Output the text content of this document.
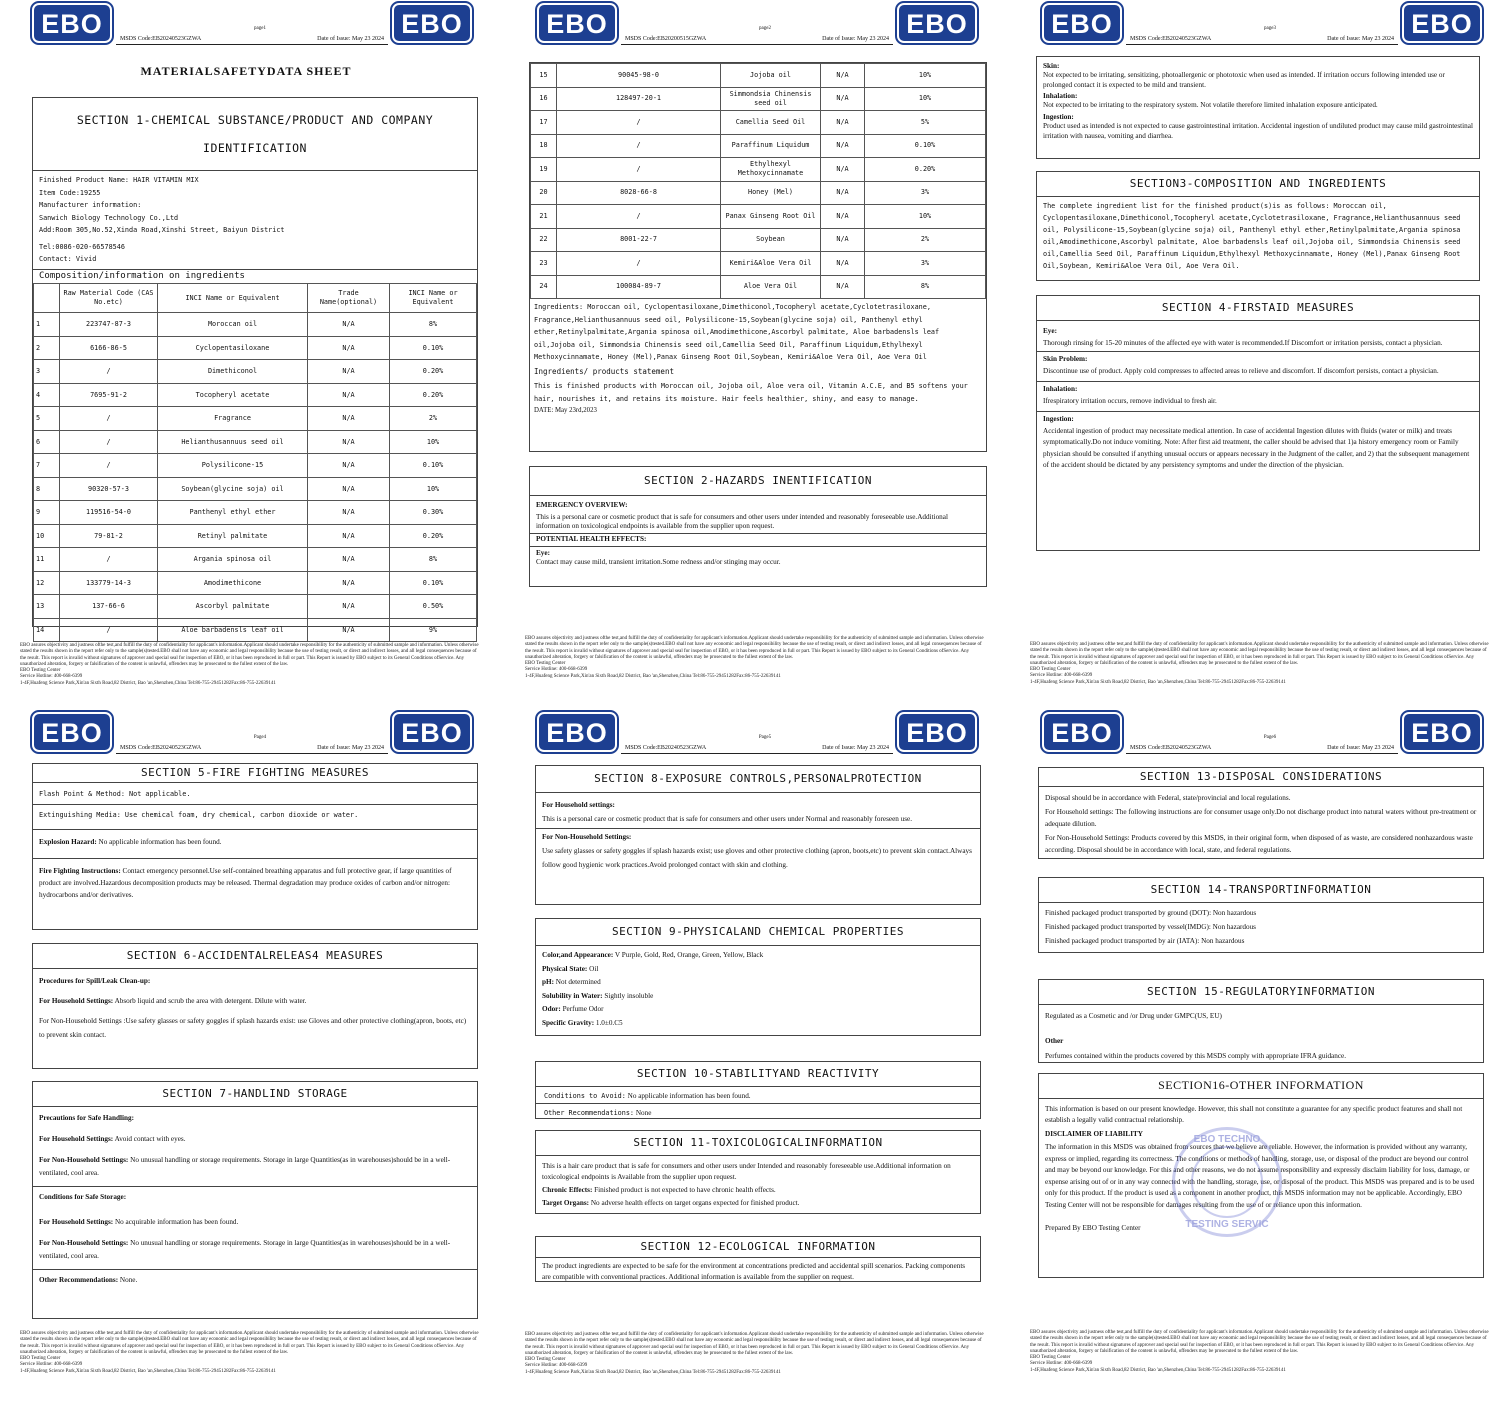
EBO	EBO
page1
MSDS Code:EB20240523GZWA	Date of Issue: May 23 2024
MATERIALSAFETYDATA SHEET
SECTION 1-CHEMICAL SUBSTANCE/PRODUCT AND COMPANY IDENTIFICATION
Finished Product Name: HAIR VITAMIN MIX
Item Code:19255
Manufacturer information:
Sanwich Biology Technology Co.,Ltd
Add:Room 305,No.52,Xinda Road,Xinshi Street, Baiyun District
Tel:0086-020-66578546
Contact: Vivid
Composition/information on ingredients
	Raw Material Code (CAS No.etc)	INCI Name or Equivalent	Trade Name(optional)	INCI Name or Equivalent
1	223747-87-3	Moroccan oil	N/A	8%
2	6166-86-5	Cyclopentasiloxane	N/A	0.10%
3	/	Dimethiconol	N/A	0.20%
4	7695-91-2	Tocopheryl acetate	N/A	0.20%
5	/	Fragrance	N/A	2%
6	/	Helianthusannuus seed oil	N/A	10%
7	/	Polysilicone-15	N/A	0.10%
8	90320-57-3	Soybean(glycine soja) oil	N/A	10%
9	119516-54-0	Panthenyl ethyl ether	N/A	0.30%
10	79-81-2	Retinyl palmitate	N/A	0.20%
11	/	Argania spinosa oil	N/A	8%
12	133779-14-3	Amodimethicone	N/A	0.10%
13	137-66-6	Ascorbyl palmitate	N/A	0.50%
14	/	Aloe barbadensls leaf oil	N/A	9%
EBO assures objectivity and justness ofthe test,and fulfill the duty of confidentiality for applicant's information.Applicant should undertake responsibility for the authenticity of submitted sample and information. Unless otherwise stated the results shown in the report refer only to the sample(s)tested.EBO shall not have any economic and legal responsibility because the use of testing result, or direct and indirect losses, and all legal consequences because of the result. This report is invalid without signatures of approver and special seal for inspection of EBO, or it has been reproduced in full or part. This Report is issued by EBO subject to its General Conditions ofService. Any unauthorized alteration, forgery or falsification of the content is unlawful, offenders may be prosecuted to the fullest extent of the law.
EBO Testing Center
Service Hotline: 400-668-6399
1-4F,Huafeng Science Park,Xin'an Sixth Road,82 District, Bao 'an,Shenzhen,China Tel:86-755-29451282Fax:86-755-22639141
EBO	EBO
page2
MSDS Code:EB20200515GZWA	Date of Issue: May 23 2024
15	90045-98-0	Jojoba oil	N/A	10%
16	128497-20-1	Simmondsia Chinensis seed oil	N/A	10%
17	/	Camellia Seed Oil	N/A	5%
18	/	Paraffinum Liquidum	N/A	0.10%
19	/	Ethylhexyl Methoxycinnamate	N/A	0.20%
20	8028-66-8	Honey (Mel)	N/A	3%
21	/	Panax Ginseng Root Oil	N/A	10%
22	8001-22-7	Soybean	N/A	2%
23	/	Kemiri&Aloe Vera Oil	N/A	3%
24	100084-89-7	Aloe Vera Oil	N/A	8%
Ingredients: Moroccan oil, Cyclopentasiloxane,Dimethiconol,Tocopheryl acetate,Cyclotetrasiloxane, Fragrance,Helianthusannuus seed oil, Polysilicone-15,Soybean(glycine soja) oil, Panthenyl ethyl ether,Retinylpalmitate,Argania spinosa oil,Amodimethicone,Ascorbyl palmitate, Aloe barbadensls leaf oil,Jojoba oil, Simmondsia Chinensis seed oil,Camellia Seed Oil, Paraffinum Liquidum,Ethylhexyl Methoxycinnamate, Honey (Mel),Panax Ginseng Root Oil,Soybean, Kemiri&Aloe Vera Oil, Aoe Vera Oil
Ingredients/ products statement
This is finished products with Moroccan oil, Jojoba oil, Aloe vera oil, Vitamin A.C.E, and B5 softens your hair, nourishes it, and retains its moisture. Hair feels healthier, shiny, and easy to manage.
DATE: May 23rd,2023
SECTION 2-HAZARDS INENTIFICATION

EMERGENCY OVERVIEW:

This is a personal care or cosmetic product that is safe for consumers and other users under intended and reasonably foreseeable use.Additional information on toxicological endpoints is available from the supplier upon request.

POTENTIAL HEALTH EFFECTS:

Eye:
Contact may cause mild, transient irritation.Some redness and/or stinging may occur.

EBO assures objectivity and justness ofthe test,and fulfill the duty of confidentiality for applicant's information.Applicant should undertake responsibility for the authenticity of submitted sample and information. Unless otherwise stated the results shown in the report refer only to the sample(s)tested.EBO shall not have any economic and legal responsibility because the use of testing result, or direct and indirect losses, and all legal consequences because of the result. This report is invalid without signatures of approver and special seal for inspection of EBO, or it has been reproduced in full or part. This Report is issued by EBO subject to its General Conditions ofService. Any unauthorized alteration, forgery or falsification of the content is unlawful, offenders may be prosecuted to the fullest extent of the law.
EBO Testing Center
Service Hotline: 400-668-6399
1-4F,Huafeng Science Park,Xin'an Sixth Road,82 District, Bao 'an,Shenzhen,China Tel:86-755-29451282Fax:86-755-22639141
EBO	EBO
page3
MSDS Code:EB20240523GZWA	Date of Issue: May 23 2024

Skin:
Not expected to be irritating, sensitizing, photoallergenic or phototoxic when used as intended. If irritation occurs following intended use or prolonged contact it is expected to be mild and transient.

Inhalation:
Not expected to be irritating to the respiratory system. Not volatile therefore limited inhalation exposure anticipated.

Ingestion:
Product used as intended is not expected to cause gastrointestinal irritation. Accidental ingestion of undiluted product may cause mild gastrointestinal irritation with nausea, vomiting and diarrhea.

SECTION3-COMPOSITION AND INGREDIENTS
The complete ingredient list for the finished product(s)is as follows: Moroccan oil, Cyclopentasiloxane,Dimethiconol,Tocopheryl acetate,Cyclotetrasiloxane, Fragrance,Helianthusannuus seed oil, Polysilicone-15,Soybean(glycine soja) oil, Panthenyl ethyl ether,Retinylpalmitate,Argania spinosa oil,Amodimethicone,Ascorbyl palmitate, Aloe barbadensls leaf oil,Jojoba oil, Simmondsia Chinensis seed oil,Camellia Seed Oil, Paraffinum Liquidum,Ethylhexyl Methoxycinnamate, Honey (Mel),Panax Ginseng Root Oil,Soybean, Kemiri&Aloe Vera Oil, Aoe Vera Oil.
SECTION 4-FIRSTAID MEASURES

Eye:
Thorough rinsing for 15-20 minutes of the affected eye with water is recommended.If Discomfort or irritation persists, contact a physician.

Skin Problem:
Discontinue use of product. Apply cold compresses to affected areas to relieve and discomfort. If discomfort persists, contact a physician.

Inhalation:
Ifrespiratory irritation occurs, remove individual to fresh air.

Ingestion:
Accidental ingestion of product may necessitate medical attention. In case of accidental Ingestion dilutes with fluids (water or milk) and treats symptomatically.Do not induce vomiting. Note: After first aid treatment, the caller should be advised that 1)a history emergency room or Family physician should be consulted if anything unusual occurs or appears necessary in the Judgment of the caller, and 2) that the subsequent management of the accident should be dictated by any persistency symptoms and under the direction of the physician.

EBO assures objectivity and justness ofthe test,and fulfill the duty of confidentiality for applicant's information.Applicant should undertake responsibility for the authenticity of submitted sample and information. Unless otherwise stated the results shown in the report refer only to the sample(s)tested.EBO shall not have any economic and legal responsibility because the use of testing result, or direct and indirect losses, and all legal consequences because of the result. This report is invalid without signatures of approver and special seal for inspection of EBO, or it has been reproduced in full or part. This Report is issued by EBO subject to its General Conditions ofService. Any unauthorized alteration, forgery or falsification of the content is unlawful, offenders may be prosecuted to the fullest extent of the law.
EBO Testing Center
Service Hotline: 400-668-6399
1-4F,Huafeng Science Park,Xin'an Sixth Road,82 District, Bao 'an,Shenzhen,China Tel:86-755-29451282Fax:86-755-22639141
EBO	EBO
Page4
MSDS Code:EB20240523GZWA	Date of Issue: May 23 2024
SECTION 5-FIRE FIGHTING MEASURES

Flash Point & Method: Not applicable.

Extinguishing Media: Use chemical foam, dry chemical, carbon dioxide or water.

Explosion Hazard: No applicable information has been found.

Fire Fighting Instructions: Contact emergency personnel.Use self-contained breathing apparatus and full protective gear, if large quantities of product are involved.Hazardous decomposition products may be released. Thermal degradation may produce oxides of carbon and/or nitrogen: hydrocarbons and/or derivatives.

SECTION 6-ACCIDENTALRELEAS4 MEASURES

Procedures for Spill/Leak Clean-up:

For Household Settings: Absorb liquid and scrub the area with detergent. Dilute with water.

For Non-Household Settings :Use safety glasses or safety goggles if splash hazards exist: use Gloves and other protective clothing(apron, boots, etc) to prevent skin contact.

SECTION 7-HANDLIND STORAGE

Precautions for Safe Handling:

For Household Settings: Avoid contact with eyes.

For Non-Household Settings: No unusual handling or storage requirements. Storage in large Quantities(as in warehouses)should be in a well-ventilated, cool area.

Conditions for Safe Storage:

For Household Settings: No acquirable information has been found.

For Non-Household Settings: No unusual handling or storage requirements. Storage in large Quantities(as in warehouses)should be in a well-ventilated, cool area.

Other Recommendations: None.

EBO assures objectivity and justness ofthe test,and fulfill the duty of confidentiality for applicant's information.Applicant should undertake responsibility for the authenticity of submitted sample and information. Unless otherwise stated the results shown in the report refer only to the sample(s)tested.EBO shall not have any economic and legal responsibility because the use of testing result, or direct and indirect losses, and all legal consequences because of the result. This report is invalid without signatures of approver and special seal for inspection of EBO, or it has been reproduced in full or part. This Report is issued by EBO subject to its General Conditions ofService. Any unauthorized alteration, forgery or falsification of the content is unlawful, offenders may be prosecuted to the fullest extent of the law.
EBO Testing Center
Service Hotline: 400-668-6399
1-4F,Huafeng Science Park,Xin'an Sixth Road,82 District, Bao 'an,Shenzhen,China Tel:86-755-29451282Fax:86-755-22639141
EBO	EBO
Page5
MSDS Code:EB20240523GZWA	Date of Issue: May 23 2024
SECTION 8-EXPOSURE CONTROLS,PERSONALPROTECTION

For Household settings:
This is a personal care or cosmetic product that is safe for consumers and other users under Normal and reasonably foreseen use.

For Non-Household Settings:
Use safety glasses or safety goggles if splash hazards exist; use gloves and other protective clothing (apron, boots,etc) to prevent skin contact.Always follow good hygienic work practices.Avoid prolonged contact with skin and clothing.

SECTION 9-PHYSICALAND CHEMICAL PROPERTIES
Color,and Appearance: V Purple, Gold, Red, Orange, Green, Yellow, Black
Physical State: Oil
pH: Not determined
Solubility in Water: Sightly insoluble
Odor: Perfume Odor
Specific Gravity: 1.0±0.C5
SECTION 10-STABILITYAND REACTIVITY
Conditions to Avoid: No applicable information has been found.
Other Recommendations: None
SECTION 11-TOXICOLOGICALINFORMATION

This is a hair care product that is safe for consumers and other users under Intended and reasonably foreseeable use.Additional information on toxicological endpoints is Available from the supplier upon request.

Chronic Effects: Finished product is not expected to have chronic health effects.

Target Organs: No adverse health effects on target organs expected for finished product.

SECTION 12-ECOLOGICAL INFORMATION
The product ingredients are expected to be safe for the environment at concentrations predicted and accidental spill scenarios. Packing components are compatible with conventional practices. Additional information is available from the supplier on request.
EBO assures objectivity and justness ofthe test,and fulfill the duty of confidentiality for applicant's information.Applicant should undertake responsibility for the authenticity of submitted sample and information. Unless otherwise stated the results shown in the report refer only to the sample(s)tested.EBO shall not have any economic and legal responsibility because the use of testing result, or direct and indirect losses, and all legal consequences because of the result. This report is invalid without signatures of approver and special seal for inspection of EBO, or it has been reproduced in full or part. This Report is issued by EBO subject to its General Conditions ofService. Any unauthorized alteration, forgery or falsification of the content is unlawful, offenders may be prosecuted to the fullest extent of the law.
EBO Testing Center
Service Hotline: 400-668-6399
1-4F,Huafeng Science Park,Xin'an Sixth Road,82 District, Bao 'an,Shenzhen,China Tel:86-755-29451282Fax:86-755-22639141
EBO	EBO
Page6
MSDS Code:EB20240523GZWA	Date of Issue: May 23 2024
SECTION 13-DISPOSAL CONSIDERATIONS

Disposal should be in accordance with Federal, state/provincial and local regulations.

For Household settings: The following instructions are for consumer usage only.Do not discharge product into natural waters without pre-treatment or adequate dilution.

For Non-Household Settings: Products covered by this MSDS, in their original form, when disposed of as waste, are considered nonhazardous waste according. Disposal should be in accordance with local, state, and federal regulations.

SECTION 14-TRANSPORTINFORMATION
Finished packaged product transported by ground (DOT): Non hazardous
Finished packaged product transported by vessel(IMDG): Non hazardous
Finished packaged product transported by air (IATA): Non hazardous
SECTION 15-REGULATORYINFORMATION

Regulated as a Cosmetic and /or Drug under GMPC(US, EU)

Other

Perfumes contained within the products covered by this MSDS comply with appropriate IFRA guidance.

SECTION16-OTHER INFORMATION

This information is based on our present knowledge. However, this shall not constitute a guarantee for any specific product features and shall not establish a legally valid contractual relationship.

DISCLAIMER OF LIABILITY

The information in this MSDS was obtained from sources that we believe are reliable. However, the information is provided without any warranty, express or implied, regarding its correctness. The conditions or methods of handling, storage, use, or disposal of the product are beyond our control and may be beyond our knowledge. For this and other reasons, we do not assume responsibility and expressly disclaim liability for loss, damage, or expense arising out of or in any way connected with the handling, storage, use, or disposal of the product. This MSDS was prepared and is to be used only for this product. If the product is used as a component in another product, this MSDS information may not be applicable. Accordingly, EBO Testing Center will not be responsible for damages resulting from the use of or reliance upon this information.

Prepared By EBO Testing Center

EBO TECHNO
TESTING SERVIC
EBO assures objectivity and justness ofthe test,and fulfill the duty of confidentiality for applicant's information.Applicant should undertake responsibility for the authenticity of submitted sample and information. Unless otherwise stated the results shown in the report refer only to the sample(s)tested.EBO shall not have any economic and legal responsibility because the use of testing result, or direct and indirect losses, and all legal consequences because of the result. This report is invalid without signatures of approver and special seal for inspection of EBO, or it has been reproduced in full or part. This Report is issued by EBO subject to its General Conditions ofService. Any unauthorized alteration, forgery or falsification of the content is unlawful, offenders may be prosecuted to the fullest extent of the law.
EBO Testing Center
Service Hotline: 400-668-6399
1-4F,Huafeng Science Park,Xin'an Sixth Road,82 District, Bao 'an,Shenzhen,China Tel:86-755-29451282Fax:86-755-22639141
